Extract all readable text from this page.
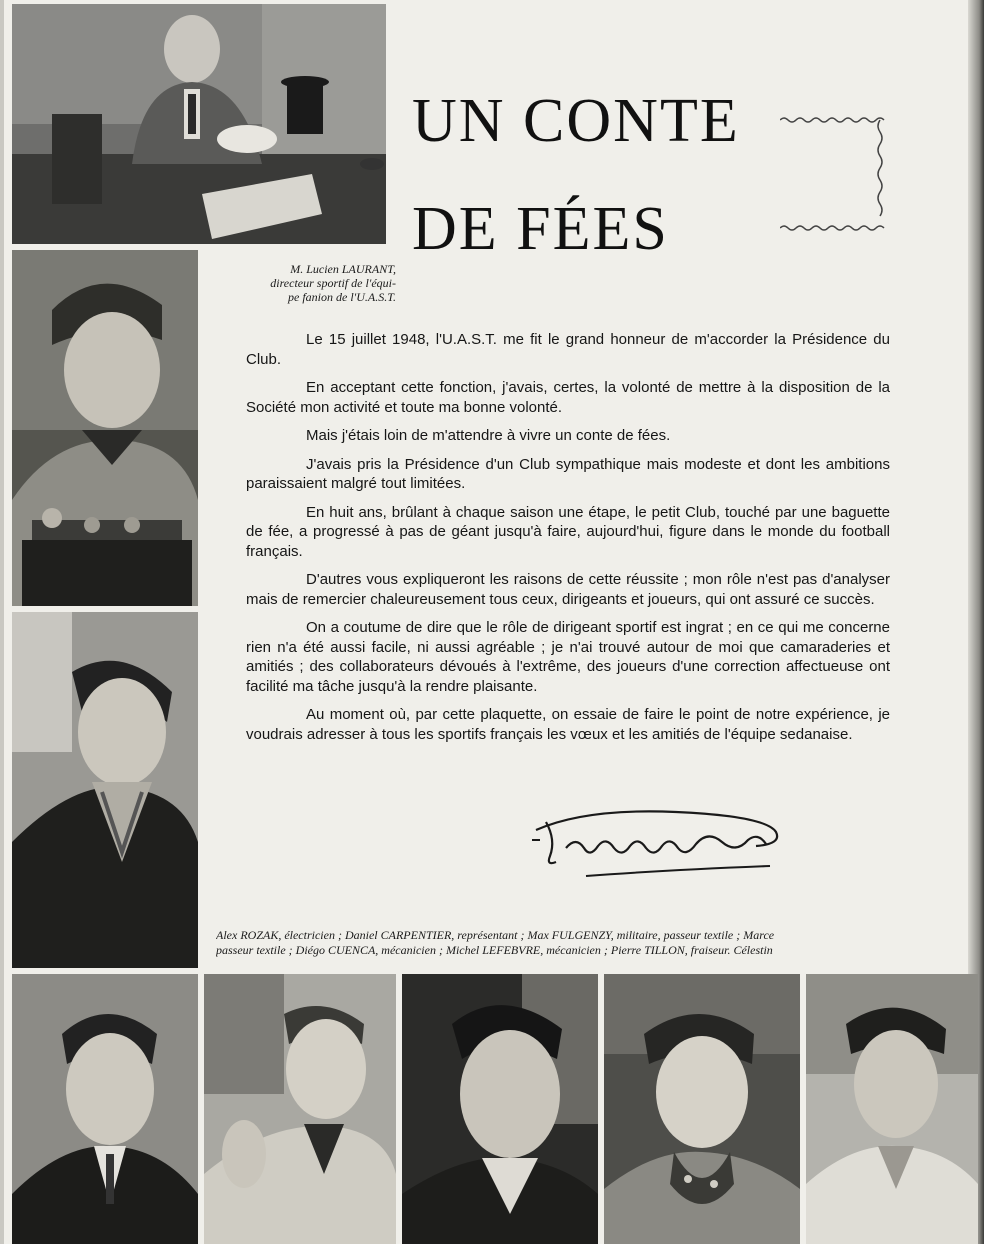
UN CONTE
DE FÉES
M. Lucien LAURANT,
directeur sportif de l'équi-
pe fanion de l'U.A.S.T.

Le 15 juillet 1948, l'U.A.S.T. me fit le grand honneur de m'accorder la Présidence du Club.

En acceptant cette fonction, j'avais, certes, la volonté de mettre à la disposition de la Société mon activité et toute ma bonne volonté.

Mais j'étais loin de m'attendre à vivre un conte de fées.

J'avais pris la Présidence d'un Club sympathique mais modeste et dont les ambitions paraissaient malgré tout limitées.

En huit ans, brûlant à chaque saison une étape, le petit Club, touché par une baguette de fée, a progressé à pas de géant jusqu'à faire, aujourd'hui, figure dans le monde du football français.

D'autres vous expliqueront les raisons de cette réussite ; mon rôle n'est pas d'analyser mais de remercier chaleureusement tous ceux, dirigeants et joueurs, qui ont assuré ce succès.

On a coutume de dire que le rôle de dirigeant sportif est ingrat ; en ce qui me concerne rien n'a été aussi facile, ni aussi agréable ; je n'ai trouvé autour de moi que camaraderies et amitiés ; des collaborateurs dévoués à l'extrême, des joueurs d'une correction affectueuse ont facilité ma tâche jusqu'à la rendre plaisante.

Au moment où, par cette plaquette, on essaie de faire le point de notre expérience, je voudrais adresser à tous les sportifs français les vœux et les amitiés de l'équipe sedanaise.

Alex ROZAK, électricien ; Daniel CARPENTIER, représentant ; Max FULGENZY, militaire, passeur textile ; Marce
passeur textile ; Diégo CUENCA, mécanicien ; Michel LEFEBVRE, mécanicien ; Pierre TILLON, fraiseur. Célestin
